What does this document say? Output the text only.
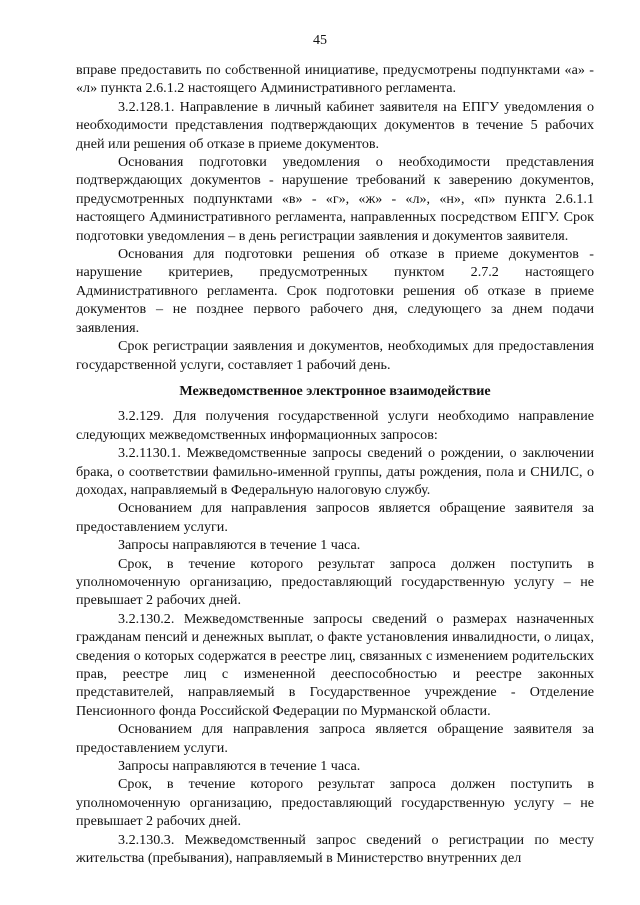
45

вправе предоставить по собственной инициативе, предусмотрены подпунктами «а» - «л» пункта 2.6.1.2 настоящего Административного регламента.

3.2.128.1. Направление в личный кабинет заявителя на ЕПГУ уведомления о необходимости представления подтверждающих документов в течение 5 рабочих дней или решения об отказе в приеме документов.

Основания подготовки уведомления о необходимости представления подтверждающих документов - нарушение требований к заверению документов, предусмотренных подпунктами «в» - «г», «ж» - «л», «н», «п» пункта 2.6.1.1 настоящего Административного регламента, направленных посредством ЕПГУ. Срок подготовки уведомления – в день регистрации заявления и документов заявителя.

Основания для подготовки решения об отказе в приеме документов - нарушение критериев, предусмотренных пунктом 2.7.2 настоящего Административного регламента. Срок подготовки решения об отказе в приеме документов – не позднее первого рабочего дня, следующего за днем подачи заявления.

Срок регистрации заявления и документов, необходимых для предоставления государственной услуги, составляет 1 рабочий день.

Межведомственное электронное взаимодействие

3.2.129. Для получения государственной услуги необходимо направление следующих межведомственных информационных запросов:

3.2.1130.1. Межведомственные запросы сведений о рождении, о заключении брака, о соответствии фамильно-именной группы, даты рождения, пола и СНИЛС, о доходах, направляемый в Федеральную налоговую службу.

Основанием для направления запросов является обращение заявителя за предоставлением услуги.

Запросы направляются в течение 1 часа.

Срок, в течение которого результат запроса должен поступить в уполномоченную организацию, предоставляющий государственную услугу – не превышает 2 рабочих дней.

3.2.130.2. Межведомственные запросы сведений о размерах назначенных гражданам пенсий и денежных выплат, о факте установления инвалидности, о лицах, сведения о которых содержатся в реестре лиц, связанных с изменением родительских прав, реестре лиц с измененной дееспособностью и реестре законных представителей, направляемый в Государственное учреждение - Отделение Пенсионного фонда Российской Федерации по Мурманской области.

Основанием для направления запроса является обращение заявителя за предоставлением услуги.

Запросы направляются в течение 1 часа.

Срок, в течение которого результат запроса должен поступить в уполномоченную организацию, предоставляющий государственную услугу – не превышает 2 рабочих дней.

3.2.130.3. Межведомственный запрос сведений о регистрации по месту жительства (пребывания), направляемый в Министерство внутренних дел
